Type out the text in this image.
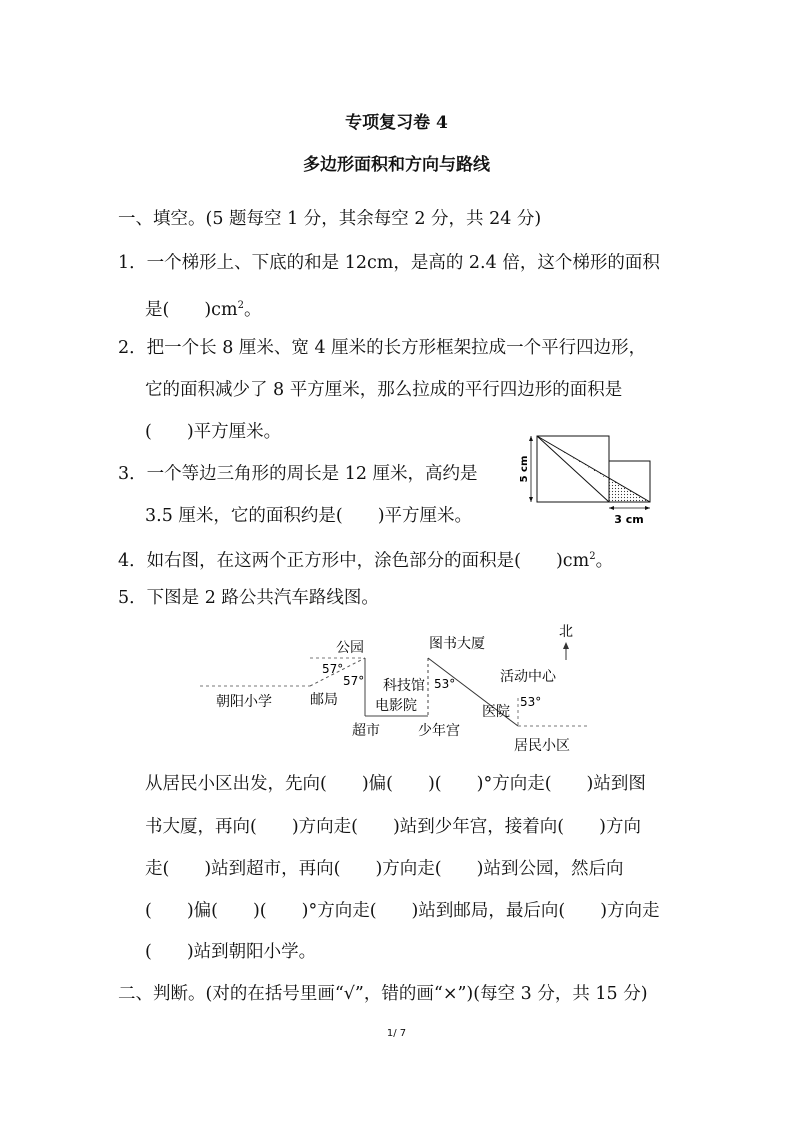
专项复习卷 4
多边形面积和方向与路线
一、填空。(5 题每空 1 分，其余每空 2 分，共 24 分)
1．一个梯形上、下底的和是 12cm，是高的 2.4 倍，这个梯形的面积
是(　　)$cm^2$。
2．把一个长 8 厘米、宽 4 厘米的长方形框架拉成一个平行四边形，
它的面积减少了 8 平方厘米，那么拉成的平行四边形的面积是
(　　)平方厘米。
3．一个等边三角形的周长是 12 厘米，高约是
3.5 厘米，它的面积约是(　　)平方厘米。
4．如右图，在这两个正方形中，涂色部分的面积是(　　)$cm^2$。
5．下图是 2 路公共汽车路线图。
5 cm
3 cm
公园	图书大厦
北
57°
57° 科技馆 53°	活动中心
53°
朝阳小学	邮局	电影院	医院
超市	少年宫
居民小区
从居民小区出发，先向(　　)偏(　　)(　　)°方向走(　　)站到图
书大厦，再向(　　)方向走(　　)站到少年宫，接着向(　　)方向
走(　　)站到超市，再向(　　)方向走(　　)站到公园，然后向
(　　)偏(　　)(　　)°方向走(　　)站到邮局，最后向(　　)方向走
(　　)站到朝阳小学。
二、判断。(对的在括号里画“√”，错的画“×”)(每空 3 分，共 15 分)
1/ 7
